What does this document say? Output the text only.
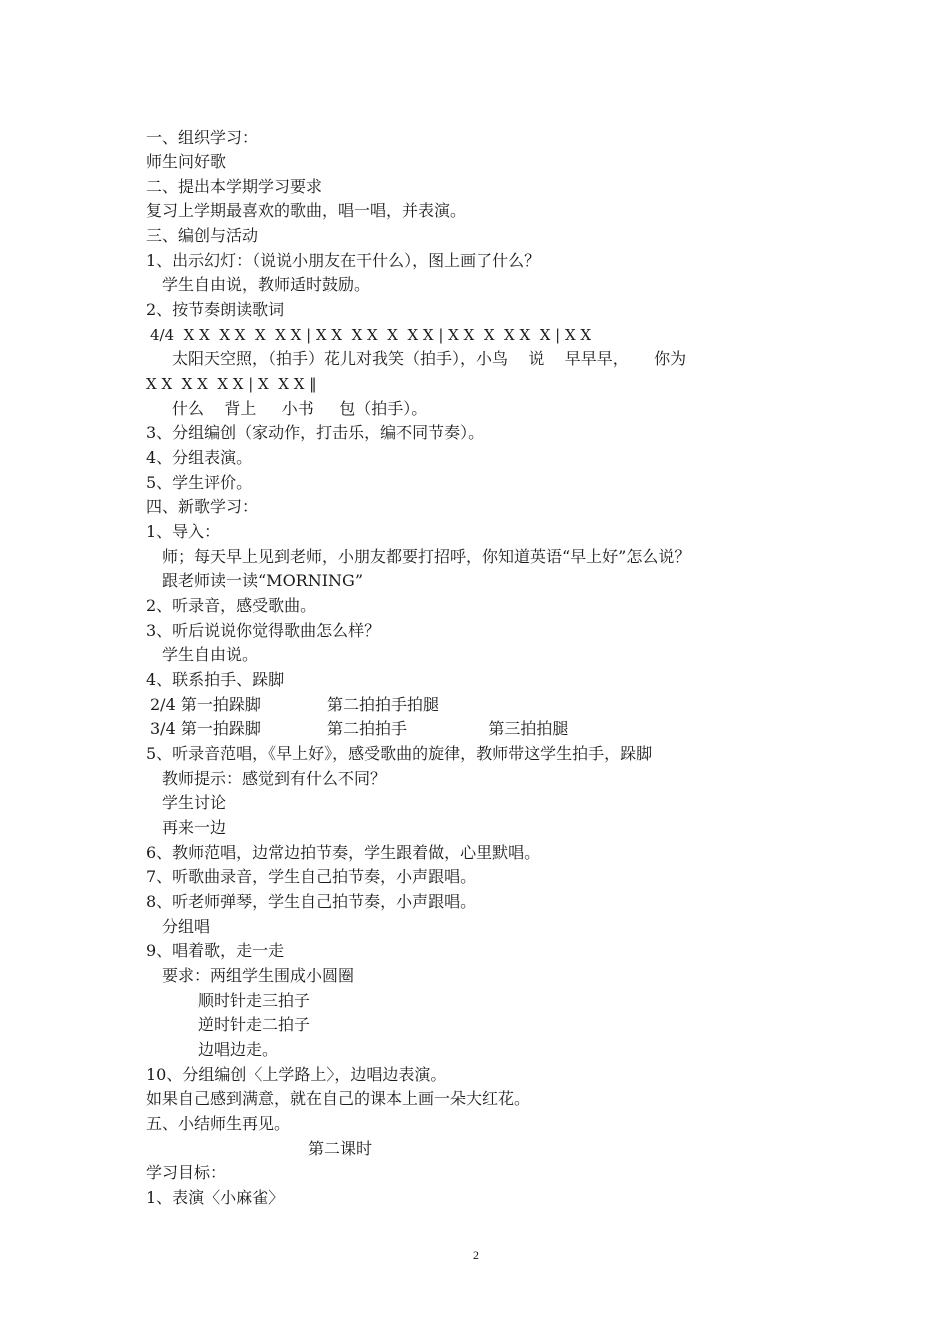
一、组织学习：
师生问好歌
二、提出本学期学习要求
复习上学期最喜欢的歌曲，唱一唱，并表演。
三、编创与活动
1、出示幻灯：（说说小朋友在干什么），图上画了什么？
学生自由说，教师适时鼓励。
2、按节奏朗读歌词
4/4  X X  X X  X  X X | X X  X X  X  X X | X X  X  X X  X | X X
太阳天空照，（拍手）花儿对我笑（拍手），小鸟    说    早早早，     你为
X X  X X  X X | X  X X ‖
什么    背上     小书     包（拍手）。
3、分组编创（家动作，打击乐，编不同节奏）。
4、分组表演。
5、学生评价。
四、新歌学习：
1、导入：
师；每天早上见到老师，小朋友都要打招呼，你知道英语“早上好”怎么说？
跟老师读一读“MORNING”
2、听录音，感受歌曲。
3、听后说说你觉得歌曲怎么样？
学生自由说。
4、联系拍手、跺脚
2/4 第一拍跺脚             第二拍拍手拍腿
3/4 第一拍跺脚             第二拍拍手                第三拍拍腿
5、听录音范唱，《早上好》，感受歌曲的旋律，教师带这学生拍手，跺脚
教师提示：感觉到有什么不同？
学生讨论
再来一边
6、教师范唱，边常边拍节奏，学生跟着做，心里默唱。
7、听歌曲录音，学生自己拍节奏，小声跟唱。
8、听老师弹琴，学生自己拍节奏，小声跟唱。
分组唱
9、唱着歌，走一走
要求：两组学生围成小圆圈
顺时针走三拍子
逆时针走二拍子
边唱边走。
10、分组编创〈上学路上〉，边唱边表演。
如果自己感到满意，就在自己的课本上画一朵大红花。
五、小结师生再见。
第二课时
学习目标：
1、表演〈小麻雀〉
2
